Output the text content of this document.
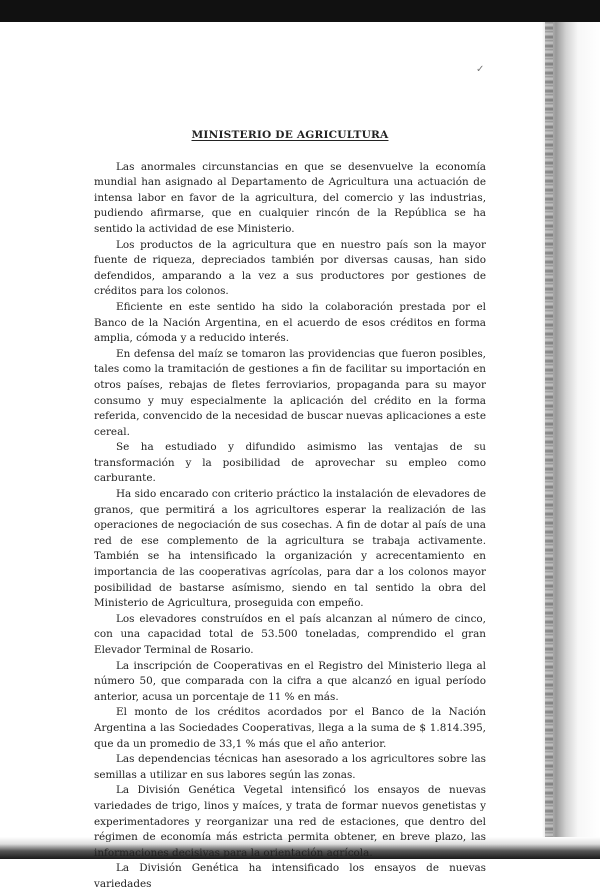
✓
MINISTERIO DE AGRICULTURA

Las anormales circunstancias en que se desenvuelve la economía mundial han asignado al Departamento de Agricultura una actuación de intensa labor en favor de la agricultura, del comercio y las industrias, pudiendo afirmarse, que en cualquier rincón de la República se ha sentido la actividad de ese Ministerio.

Los productos de la agricultura que en nuestro país son la mayor fuente de riqueza, depreciados también por diversas causas, han sido defendidos, amparando a la vez a sus productores por gestiones de créditos para los colonos.

Eficiente en este sentido ha sido la colaboración prestada por el Banco de la Nación Argentina, en el acuerdo de esos créditos en forma amplia, cómoda y a reducido interés.

En defensa del maíz se tomaron las providencias que fueron posibles, tales como la tramitación de gestiones a fin de facilitar su importación en otros países, rebajas de fletes ferroviarios, propaganda para su mayor consumo y muy especialmente la aplicación del crédito en la forma referida, convencido de la necesidad de buscar nuevas aplicaciones a este cereal.

Se ha estudiado y difundido asimismo las ventajas de su transformación y la posibilidad de aprovechar su empleo como carburante.

Ha sido encarado con criterio práctico la instalación de elevadores de granos, que permitirá a los agricultores esperar la realización de las operaciones de negociación de sus cosechas. A fin de dotar al país de una red de ese complemento de la agricultura se trabaja activamente. También se ha intensificado la organización y acrecentamiento en importancia de las cooperativas agrícolas, para dar a los colonos mayor posibilidad de bastarse asímismo, siendo en tal sentido la obra del Ministerio de Agricultura, proseguida con empeño.

Los elevadores construídos en el país alcanzan al número de cinco, con una capacidad total de 53.500 toneladas, comprendido el gran Elevador Terminal de Rosario.

La inscripción de Cooperativas en el Registro del Ministerio llega al número 50, que comparada con la cifra a que alcanzó en igual período anterior, acusa un porcentaje de 11 % en más.

El monto de los créditos acordados por el Banco de la Nación Argentina a las Sociedades Cooperativas, llega a la suma de $ 1.814.395, que da un promedio de 33,1 % más que el año anterior.

Las dependencias técnicas han asesorado a los agricultores sobre las semillas a utilizar en sus labores según las zonas.

La División Genética Vegetal intensificó los ensayos de nuevas variedades de trigo, linos y maíces, y trata de formar nuevos genetistas y experimentadores y reorganizar una red de estaciones, que dentro del régimen de economía más estricta permita obtener, en breve plazo, las informaciones decisivas para la orientación agrícola.

La División Genética ha intensificado los ensayos de nuevas variedades
